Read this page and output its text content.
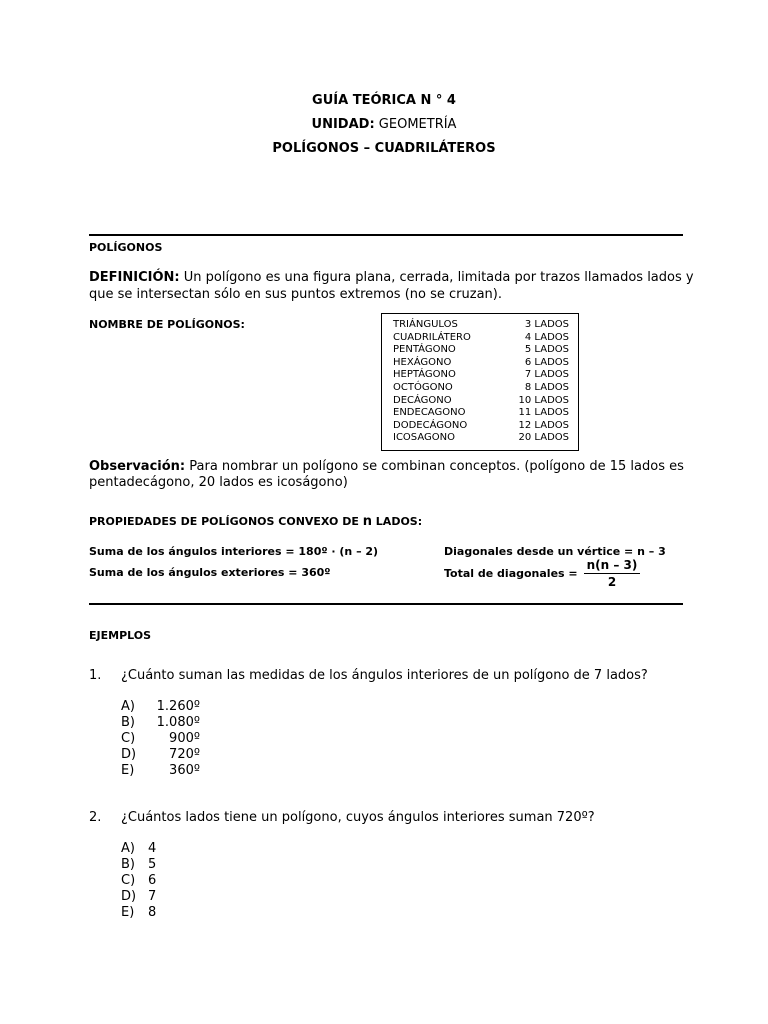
GUÍA TEÓRICA N ° 4
UNIDAD: GEOMETRÍA
POLÍGONOS – CUADRILÁTEROS
POLÍGONOS
DEFINICIÓN: Un polígono es una figura plana, cerrada, limitada por trazos llamados lados y
que se intersectan sólo en sus puntos extremos (no se cruzan).
NOMBRE DE POLÍGONOS:	TRIÁNGULOS	3 LADOS
CUADRILÁTERO	4 LADOS
PENTÁGONO	5 LADOS
HEXÁGONO	6 LADOS
HEPTÁGONO	7 LADOS
OCTÓGONO	8 LADOS
DECÁGONO	10 LADOS
ENDECAGONO	11 LADOS
DODECÁGONO	12 LADOS
ICOSAGONO	20 LADOS
Observación: Para nombrar un polígono se combinan conceptos. (polígono de 15 lados es
pentadecágono, 20 lados es icoságono)
PROPIEDADES DE POLÍGONOS CONVEXO DE n LADOS:
Suma de los ángulos interiores = 180º · (n – 2)
Suma de los ángulos exteriores = 360º
Diagonales desde un vértice = n – 3
Total de diagonales = $\frac{n(n - 3)}{2}$
EJEMPLOS
1. ¿Cuánto suman las medidas de los ángulos interiores de un polígono de 7 lados?
A)	1.260º
B)	1.080º
C)	900º
D)	720º
E)	360º
2. ¿Cuántos lados tiene un polígono, cuyos ángulos interiores suman 720º?
A) 4
B) 5
C) 6
D) 7
E) 8
